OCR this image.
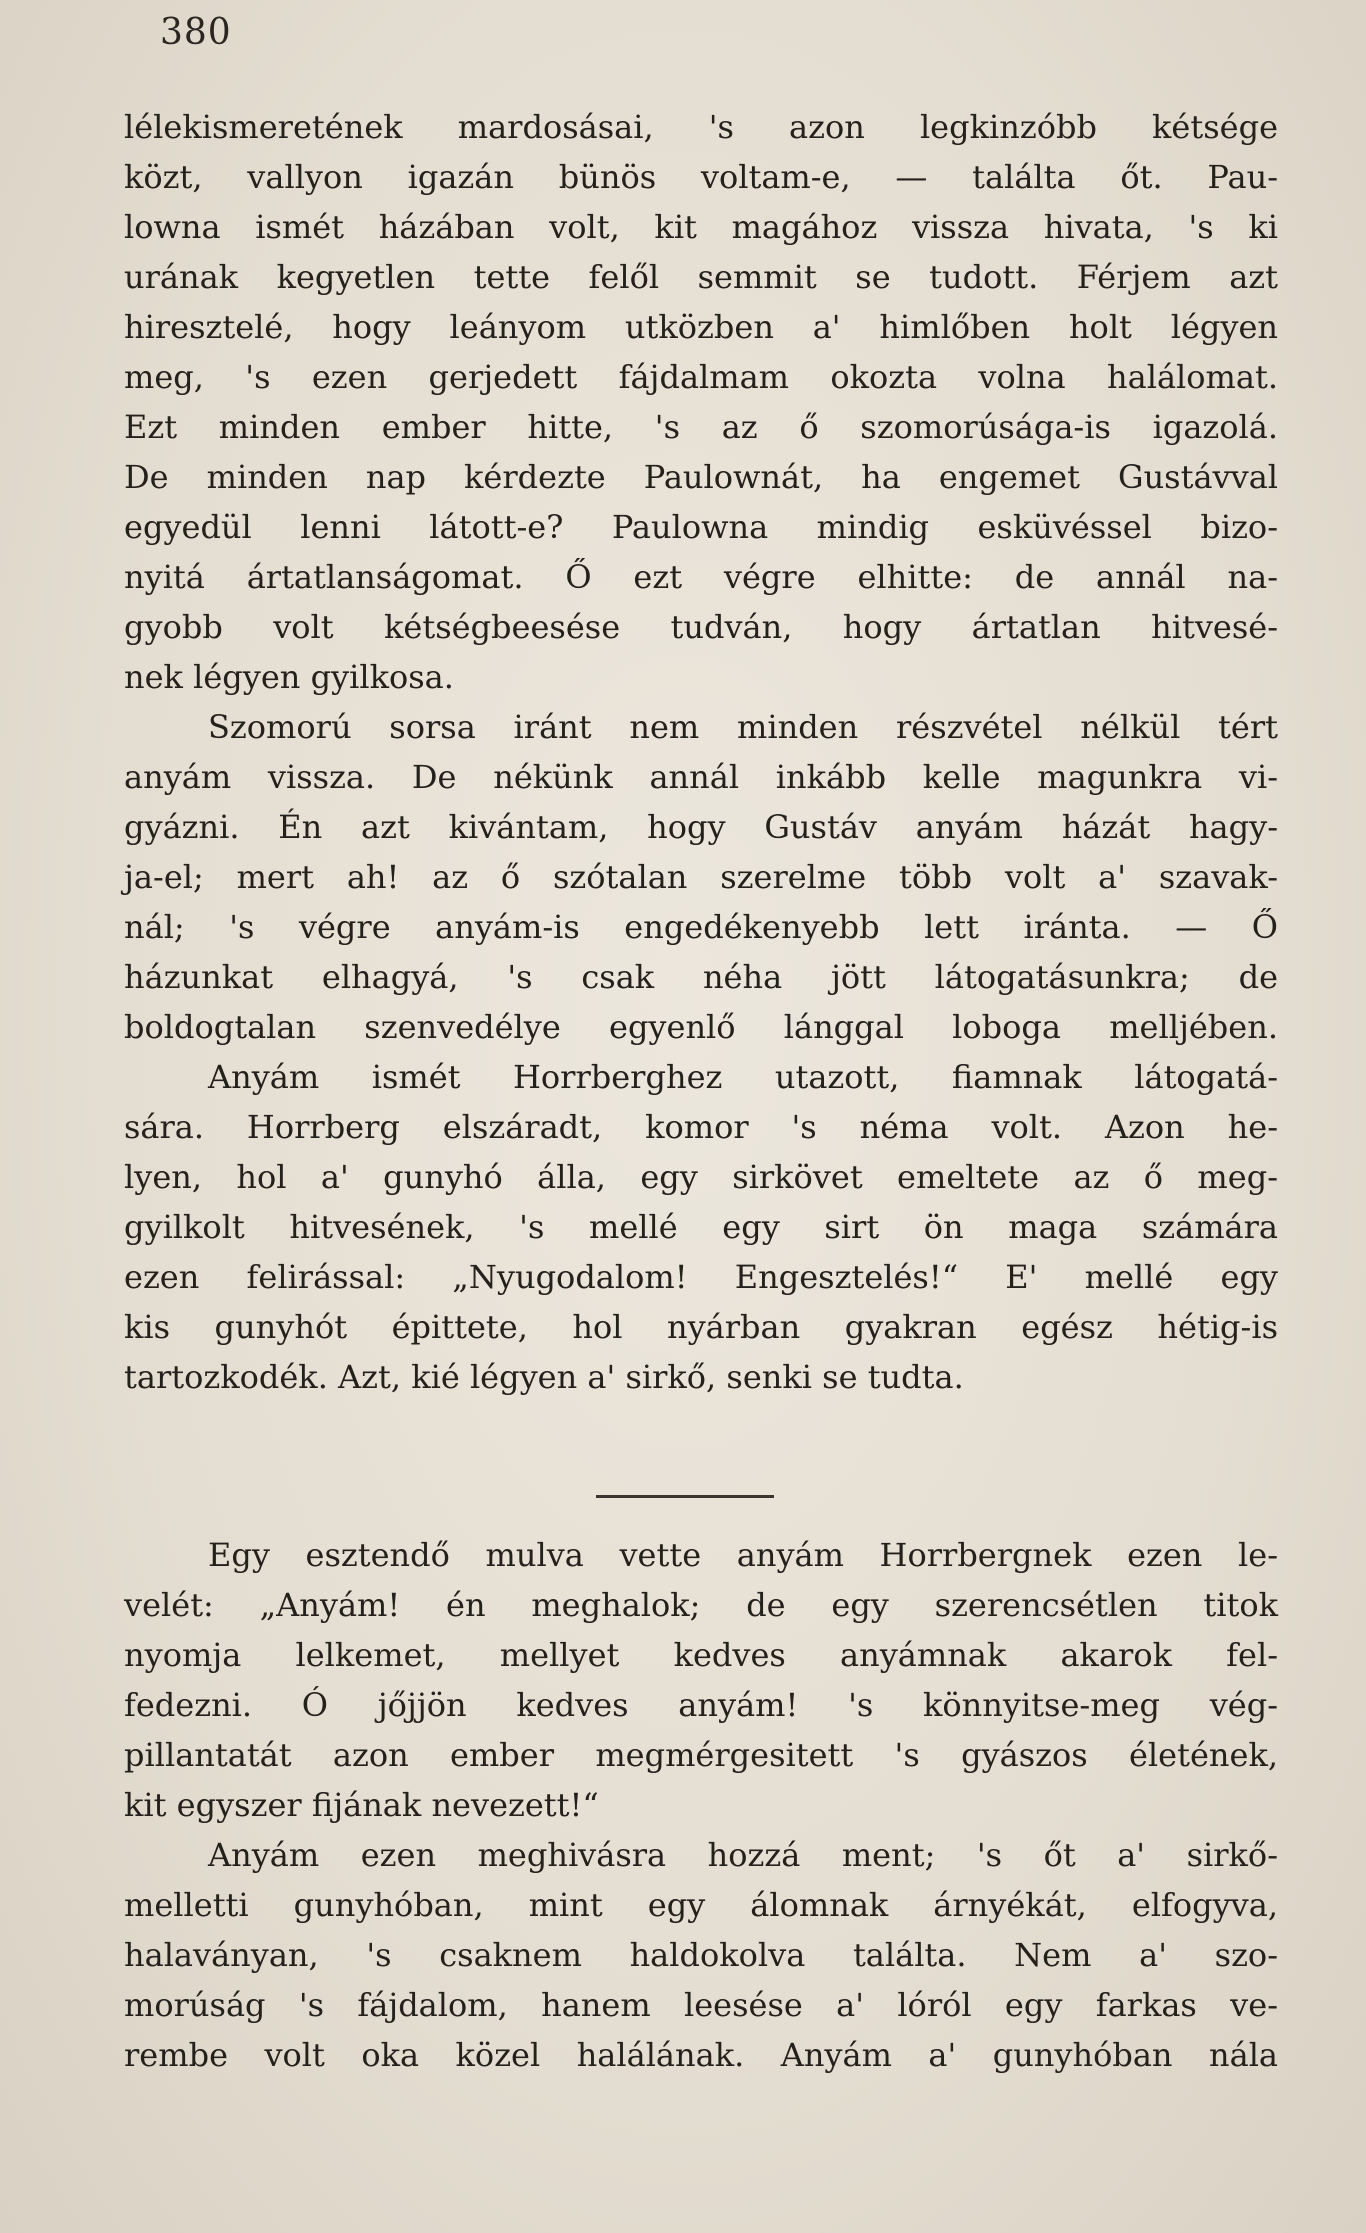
380
lélekismeretének mardosásai, 's azon legkinzóbb kétsége
közt, vallyon igazán bünös voltam-e, — találta őt. Pau-
lowna ismét házában volt, kit magához vissza hivata, 's ki
urának kegyetlen tette felől semmit se tudott. Férjem azt
hiresztelé, hogy leányom utközben a' himlőben holt légyen
meg, 's ezen gerjedett fájdalmam okozta volna halálomat.
Ezt minden ember hitte, 's az ő szomorúsága-is igazolá.
De minden nap kérdezte Paulownát, ha engemet Gustávval
egyedül lenni látott-e? Paulowna mindig esküvéssel bizo-
nyitá ártatlanságomat. Ő ezt végre elhitte: de annál na-
gyobb volt kétségbeesése tudván, hogy ártatlan hitvesé-
nek légyen gyilkosa.
Szomorú sorsa iránt nem minden részvétel nélkül tért
anyám vissza. De nékünk annál inkább kelle magunkra vi-
gyázni. Én azt kivántam, hogy Gustáv anyám házát hagy-
ja-el; mert ah! az ő szótalan szerelme több volt a' szavak-
nál; 's végre anyám-is engedékenyebb lett iránta. — Ő
házunkat elhagyá, 's csak néha jött látogatásunkra; de
boldogtalan szenvedélye egyenlő lánggal loboga melljében.
Anyám ismét Horrberghez utazott, fiamnak látogatá-
sára. Horrberg elszáradt, komor 's néma volt. Azon he-
lyen, hol a' gunyhó álla, egy sirkövet emeltete az ő meg-
gyilkolt hitvesének, 's mellé egy sirt ön maga számára
ezen felirással: „Nyugodalom! Engesztelés!“ E' mellé egy
kis gunyhót épittete, hol nyárban gyakran egész hétig-is
tartozkodék. Azt, kié légyen a' sirkő, senki se tudta.
Egy esztendő mulva vette anyám Horrbergnek ezen le-
velét: „Anyám! én meghalok; de egy szerencsétlen titok
nyomja lelkemet, mellyet kedves anyámnak akarok fel-
fedezni. Ó jőjjön kedves anyám! 's könnyitse-meg vég-
pillantatát azon ember megmérgesitett 's gyászos életének,
kit egyszer fijának nevezett!“
Anyám ezen meghivásra hozzá ment; 's őt a' sirkő-
melletti gunyhóban, mint egy álomnak árnyékát, elfogyva,
halaványan, 's csaknem haldokolva találta. Nem a' szo-
morúság 's fájdalom, hanem leesése a' lóról egy farkas ve-
rembe volt oka közel halálának. Anyám a' gunyhóban nála
